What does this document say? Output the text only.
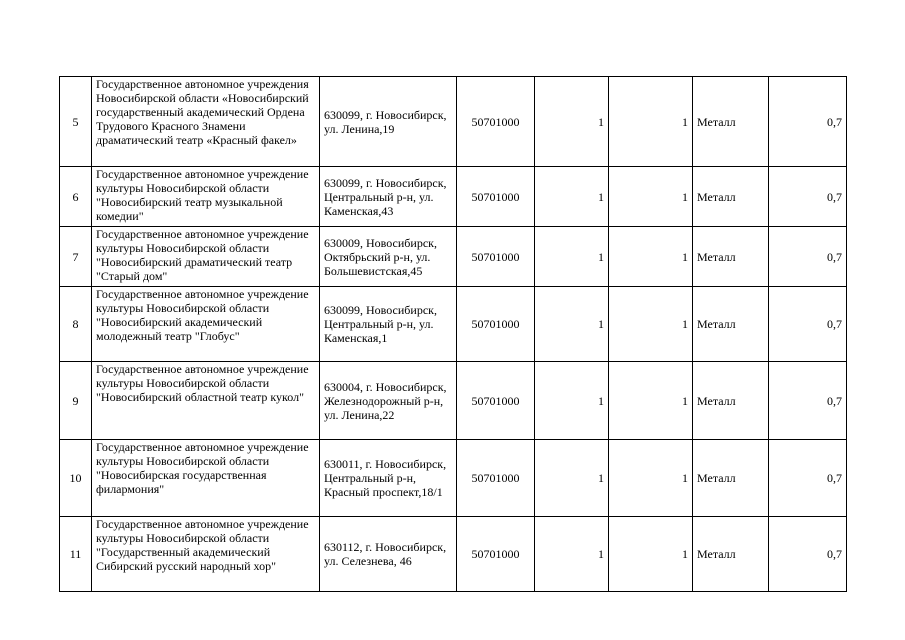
5	Государственное автономное учреждения Новосибирской области «Новосибирский государственный академический Ордена Трудового Красного Знамени драматический театр «Красный факел»	630099, г. Новосибирск, ул. Ленина,19	50701000	1	1	Металл	0,7
6	Государственное автономное учреждение культуры Новосибирской области "Новосибирский театр музыкальной комедии"	630099, г. Новосибирск, Центральный р-н, ул. Каменская,43	50701000	1	1	Металл	0,7
7	Государственное автономное учреждение культуры Новосибирской области "Новосибирский драматический театр "Старый дом"	630009, Новосибирск, Октябрьский р-н, ул. Большевистская,45	50701000	1	1	Металл	0,7
8	Государственное автономное учреждение культуры Новосибирской области "Новосибирский академический молодежный театр "Глобус"	630099, Новосибирск, Центральный р-н, ул. Каменская,1	50701000	1	1	Металл	0,7
9	Государственное автономное учреждение культуры Новосибирской области "Новосибирский областной театр кукол"	630004, г. Новосибирск, Железнодорожный р-н, ул. Ленина,22	50701000	1	1	Металл	0,7
10	Государственное автономное учреждение культуры Новосибирской области "Новосибирская государственная филармония"	630011, г. Новосибирск, Центральный р-н, Красный проспект,18/1	50701000	1	1	Металл	0,7
11	Государственное автономное учреждение культуры Новосибирской области "Государственный академический Сибирский русский народный хор"	630112, г. Новосибирск, ул. Селезнева, 46	50701000	1	1	Металл	0,7
